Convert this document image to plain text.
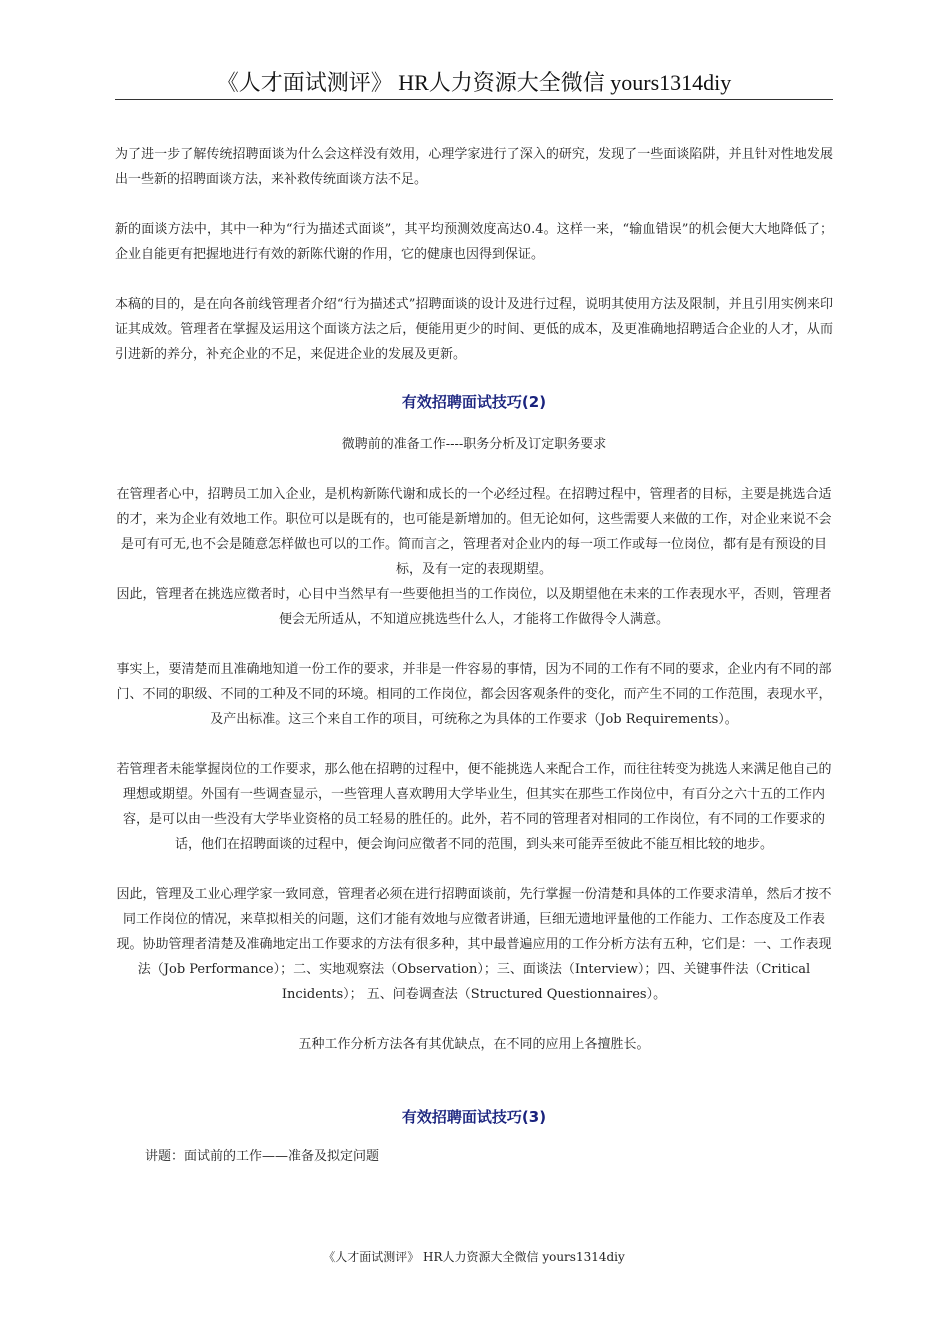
《人才面试测评》 HR人力资源大全微信 yours1314diy

为了进一步了解传统招聘面谈为什么会这样没有效用，心理学家进行了深入的研究，发现了一些面谈陷阱，并且针对性地发展出一些新的招聘面谈方法，来补救传统面谈方法不足。

新的面谈方法中，其中一种为“行为描述式面谈”，其平均预测效度高达0.4。这样一来，“输血错误”的机会便大大地降低了；企业自能更有把握地进行有效的新陈代谢的作用，它的健康也因得到保证。

本稿的目的，是在向各前线管理者介绍“行为描述式”招聘面谈的设计及进行过程，说明其使用方法及限制，并且引用实例来印证其成效。管理者在掌握及运用这个面谈方法之后，便能用更少的时间、更低的成本，及更准确地招聘适合企业的人才，从而引进新的养分，补充企业的不足，来促进企业的发展及更新。

有效招聘面试技巧(2)

微聘前的准备工作----职务分析及订定职务要求

在管理者心中，招聘员工加入企业，是机构新陈代谢和成长的一个必经过程。在招聘过程中，管理者的目标，主要是挑选合适的才，来为企业有效地工作。职位可以是既有的，也可能是新增加的。但无论如何，这些需要人来做的工作，对企业来说不会是可有可无,也不会是随意怎样做也可以的工作。简而言之，管理者对企业内的每一项工作或每一位岗位，都有是有预设的目标，及有一定的表现期望。

因此，管理者在挑选应徵者时，心目中当然早有一些要他担当的工作岗位，以及期望他在未来的工作表现水平，否则，管理者便会无所适从，不知道应挑选些什么人，才能将工作做得令人满意。

事实上，要清楚而且准确地知道一份工作的要求，并非是一件容易的事情，因为不同的工作有不同的要求，企业内有不同的部门、不同的职级、不同的工种及不同的环境。相同的工作岗位，都会因客观条件的变化，而产生不同的工作范围，表现水平，及产出标准。这三个来自工作的项目，可统称之为具体的工作要求（Job Requirements）。

若管理者未能掌握岗位的工作要求，那么他在招聘的过程中，便不能挑选人来配合工作，而往往转变为挑选人来满足他自己的理想或期望。外国有一些调查显示，一些管理人喜欢聘用大学毕业生，但其实在那些工作岗位中，有百分之六十五的工作内容，是可以由一些没有大学毕业资格的员工轻易的胜任的。此外，若不同的管理者对相同的工作岗位，有不同的工作要求的话，他们在招聘面谈的过程中，便会询问应徵者不同的范围，到头来可能弄至彼此不能互相比较的地步。

因此，管理及工业心理学家一致同意，管理者必须在进行招聘面谈前，先行掌握一份清楚和具体的工作要求清单，然后才按不同工作岗位的情况，来草拟相关的问题，这们才能有效地与应徵者讲通，巨细无遗地评量他的工作能力、工作态度及工作表现。协助管理者清楚及准确地定出工作要求的方法有很多种，其中最普遍应用的工作分析方法有五种，它们是：一、工作表现法（Job Performance）；二、实地观察法（Observation）；三、面谈法（Interview）；四、关键事件法（Critical Incidents）； 五、问卷调查法（Structured Questionnaires）。

五种工作分析方法各有其优缺点，在不同的应用上各擅胜长。

有效招聘面试技巧(3)

讲题：面试前的工作——准备及拟定问题

《人才面试测评》 HR人力资源大全微信 yours1314diy
